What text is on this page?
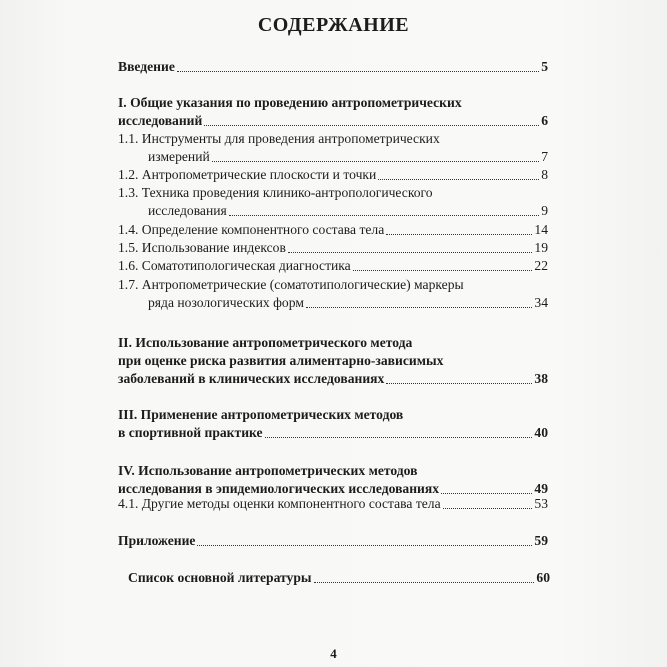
СОДЕРЖАНИЕ
Введение	5
I. Общие указания по проведению антропометрических
исследований	6
1.1. Инструменты для проведения антропометрических
измерений	7
1.2. Антропометрические плоскости и точки	8
1.3. Техника проведения клинико-антропологического
исследования	9
1.4. Определение компонентного состава тела	14
1.5. Использование индексов	19
1.6. Соматотипологическая диагностика	22
1.7. Антропометрические (соматотипологические) маркеры
ряда нозологических форм	34
II. Использование антропометрического метода
при оценке риска развития алиментарно-зависимых
заболеваний в клинических исследованиях	38
III. Применение антропометрических методов
в спортивной практике	40
IV. Использование антропометрических методов
исследования в эпидемиологических исследованиях	49
4.1. Другие методы оценки компонентного состава тела	53
Приложение	59
Список основной литературы	60
4
